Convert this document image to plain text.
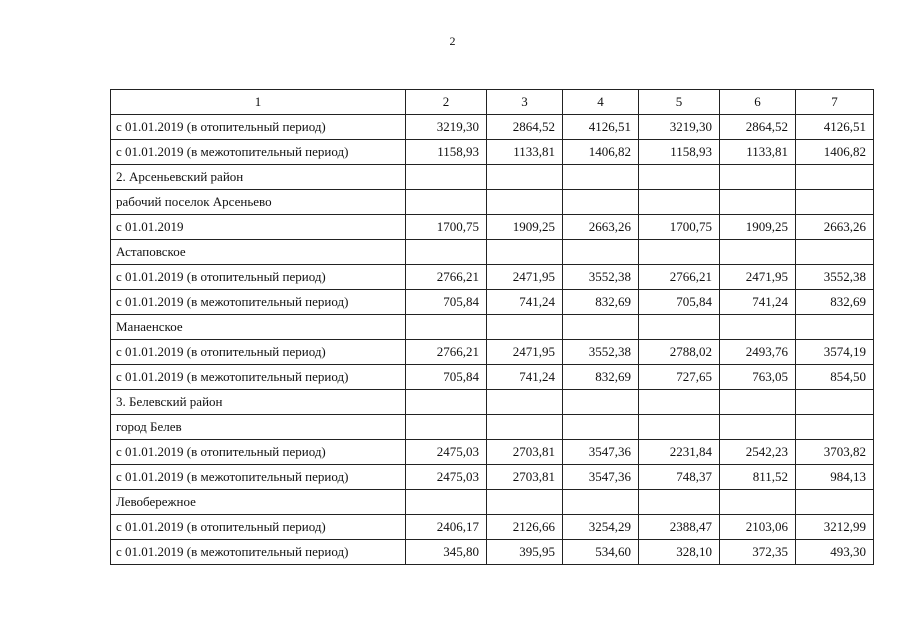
2
1	2	3	4	5	6	7
с 01.01.2019 (в отопительный период)	3219,30	2864,52	4126,51	3219,30	2864,52	4126,51
с 01.01.2019 (в межотопительный период)	1158,93	1133,81	1406,82	1158,93	1133,81	1406,82
2. Арсеньевский район						
рабочий поселок Арсеньево						
с 01.01.2019	1700,75	1909,25	2663,26	1700,75	1909,25	2663,26
Астаповское						
с 01.01.2019 (в отопительный период)	2766,21	2471,95	3552,38	2766,21	2471,95	3552,38
с 01.01.2019 (в межотопительный период)	705,84	741,24	832,69	705,84	741,24	832,69
Манаенское						
с 01.01.2019 (в отопительный период)	2766,21	2471,95	3552,38	2788,02	2493,76	3574,19
с 01.01.2019 (в межотопительный период)	705,84	741,24	832,69	727,65	763,05	854,50
3. Белевский район						
город Белев						
с 01.01.2019 (в отопительный период)	2475,03	2703,81	3547,36	2231,84	2542,23	3703,82
с 01.01.2019 (в межотопительный период)	2475,03	2703,81	3547,36	748,37	811,52	984,13
Левобережное						
с 01.01.2019 (в отопительный период)	2406,17	2126,66	3254,29	2388,47	2103,06	3212,99
с 01.01.2019 (в межотопительный период)	345,80	395,95	534,60	328,10	372,35	493,30
